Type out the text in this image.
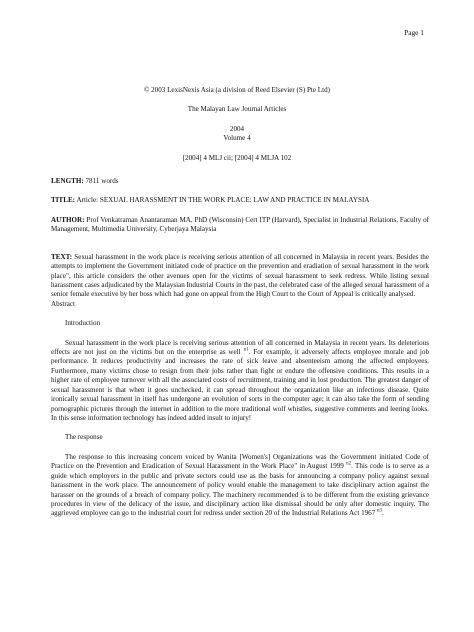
Page 1
© 2003 LexisNexis Asia (a division of Reed Elsevier (S) Pte Ltd)
The Malayan Law Journal Articles
2004
Volume 4
[2004] 4 MLJ cii; [2004] 4 MLJA 102

LENGTH: 7811 words

TITLE: Article: SEXUAL HARASSMENT IN THE WORK PLACE: LAW AND PRACTICE IN MALAYSIA

AUTHOR: Prof Venkatraman Anantaraman MA, PhD (Wisconsin) Cert ITP (Harvard), Specialist in Industrial Relations, Faculty of Management, Multimedia University, Cyberjaya Malaysia

TEXT: Sexual harassment in the work place is receiving serious attention of all concerned in Malaysia in recent years. Besides the attempts to implement the Government initiated code of practice on the prevention and eradiation of sexual harassment in the work place", this article considers the other avenues open for the victims of sexual harassment to seek redress. While listing sexual harassment cases adjudicated by the Malaysian Industrial Courts in the past, the celebrated case of the alleged sexual harassment of a senior female executive by her boss which had gone on appeal from the High Court to the Court of Appeal is critically analysed.

Abstract

Introduction

Sexual harassment in the work place is receiving serious attention of all concerned in Malaysia in recent years. Its deleterious effects are not just on the victims but on the enterprise as well $^{n1}$. For example, it adversely affects employee morale and job performance. It reduces productivity and increases the rate of sick leave and absenteeism among the affected employees. Furthermore, many victims chose to resign from their jobs rather than fight or endure the offensive conditions. This results in a higher rate of employee turnover with all the associated costs of recruitment, training and in lost production. The greatest danger of sexual harassment is that when it goes unchecked, it can spread throughout the organization like an infectious disease. Quite ironically sexual harassment in itself has undergone an evolution of sorts in the computer age; it can also take the form of sending pornographic pictures through the internet in addition to the more traditional wolf whistles, suggestive comments and leering looks. In this sense information technology has indeed added insult to injury!

The response

The response to this increasing concern voiced by Wanita [Women's] Organizations was the Government initiated Code of Practice on the Prevention and Eradication of Sexual Harassment in the Work Place" in August 1999 $^{n2}$. This code is to serve as a guide which employers in the public and private sectors could use as the basis for announcing a company policy against sexual harassment in the work place. The announcement of policy would enable the management to take disciplinary action against the harasser on the grounds of a breach of company policy. The machinery recommended is to be different from the existing grievance procedures in view of the delicacy of the issue, and disciplinary action like dismissal should be only after domestic inquiry. The aggrieved employee can go to the industrial court for redress under section 20 of the Industrial Relations Act 1967 $^{n3}$.
